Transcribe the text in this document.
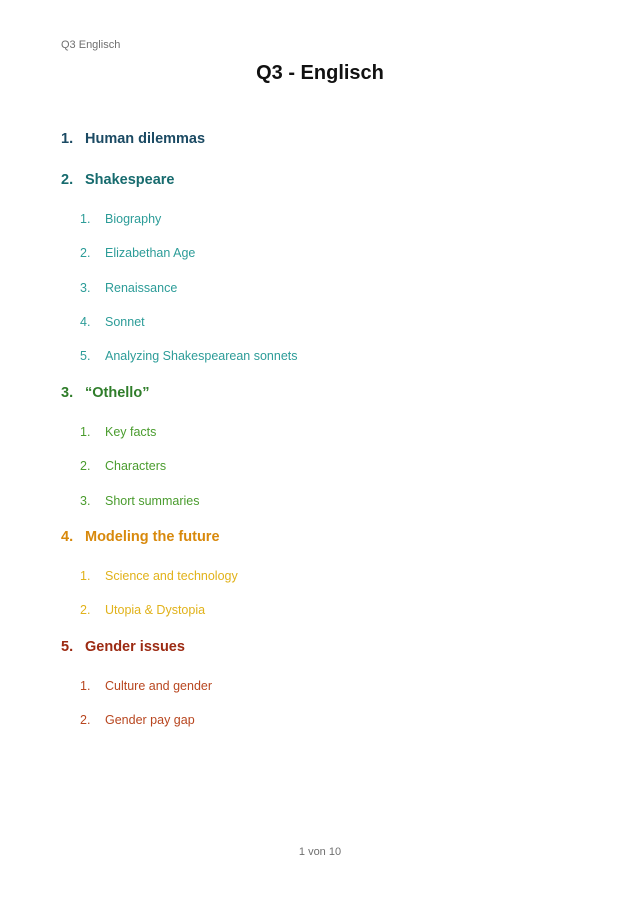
Q3 Englisch
Q3 - Englisch
1. Human dilemmas
2. Shakespeare
1. Biography
2. Elizabethan Age
3. Renaissance
4. Sonnet
5. Analyzing Shakespearean sonnets
3. “Othello”
1. Key facts
2. Characters
3. Short summaries
4. Modeling the future
1. Science and technology
2. Utopia & Dystopia
5. Gender issues
1. Culture and gender
2. Gender pay gap
1 von 10
